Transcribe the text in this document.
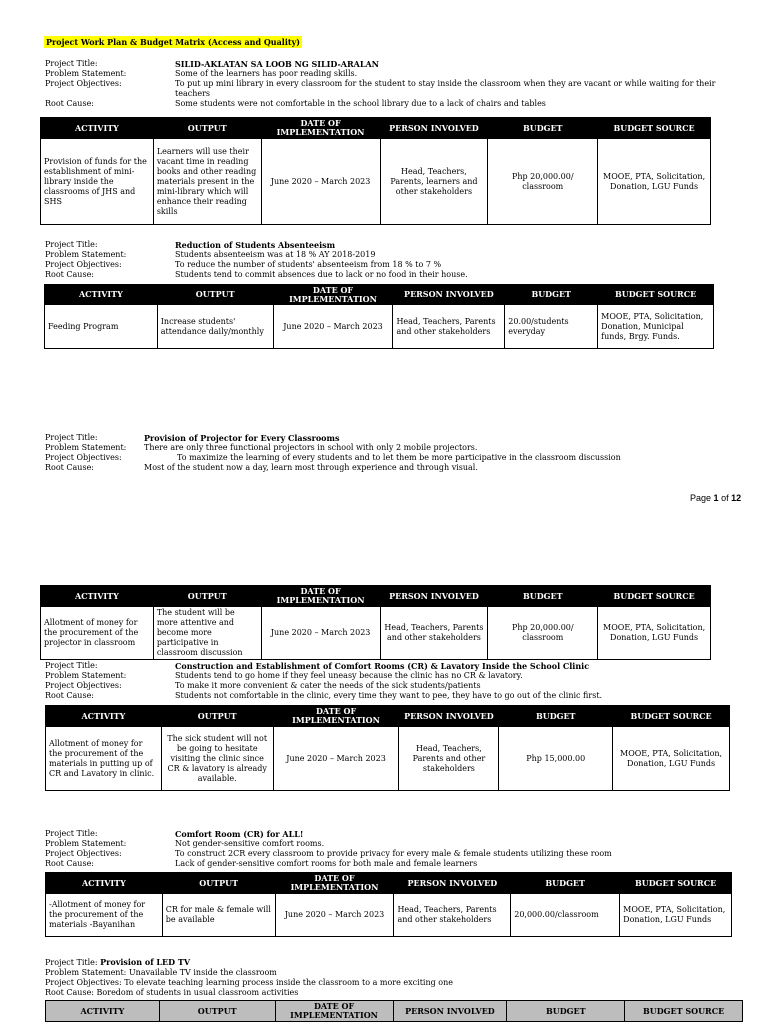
Project Work Plan & Budget Matrix (Access and Quality)
Project Title:	SILID-AKLATAN SA LOOB NG SILID-ARALAN
Problem Statement:	Some of the learners has poor reading skills.
Project Objectives:	To put up mini library in every classroom for the student to stay inside the classroom when they are vacant or while waiting for their teachers
Root Cause:	Some students were not comfortable in the school library due to a lack of chairs and tables
ACTIVITY	OUTPUT	DATE OF IMPLEMENTATION	PERSON INVOLVED	BUDGET	BUDGET SOURCE
Provision of funds for the establishment of mini-library inside the classrooms of JHS and SHS	Learners will use their vacant time in reading books and other reading materials present in the mini-library which will enhance their reading skills	June 2020 – March 2023	Head, Teachers, Parents, learners and other stakeholders	Php 20,000.00/ classroom	MOOE, PTA, Solicitation, Donation, LGU Funds
Project Title:	Reduction of Students Absenteeism
Problem Statement:	Students absenteeism was at 18 % AY 2018-2019
Project Objectives:	To reduce the number of students' absenteeism from 18 % to 7 %
Root Cause:	Students tend to commit absences due to lack or no food in their house.
ACTIVITY	OUTPUT	DATE OF IMPLEMENTATION	PERSON INVOLVED	BUDGET	BUDGET SOURCE
Feeding Program	Increase students' attendance daily/monthly	June 2020 – March 2023	Head, Teachers, Parents and other stakeholders	20.00/students everyday	MOOE, PTA, Solicitation, Donation, Municipal funds, Brgy. Funds.
Project Title:	Provision of Projector for Every Classrooms
Problem Statement:	There are only three functional projectors in school with only 2 mobile projectors.
Project Objectives:	To maximize the learning of every students and to let them be more participative in the classroom discussion
Root Cause:	Most of the student now a day, learn most through experience and through visual.
Page 1 of 12
ACTIVITY	OUTPUT	DATE OF IMPLEMENTATION	PERSON INVOLVED	BUDGET	BUDGET SOURCE
Allotment of money for the procurement of the projector in classroom	The student will be more attentive and become more participative in classroom discussion	June 2020 – March 2023	Head, Teachers, Parents and other stakeholders	Php 20,000.00/ classroom	MOOE, PTA, Solicitation, Donation, LGU Funds
Project Title:	Construction and Establishment of Comfort Rooms (CR) & Lavatory Inside the School Clinic
Problem Statement:	Students tend to go home if they feel uneasy because the clinic has no CR & lavatory.
Project Objectives:	To make it more convenient & cater the needs of the sick students/patients
Root Cause:	Students not comfortable in the clinic, every time they want to pee, they have to go out of the clinic first.
ACTIVITY	OUTPUT	DATE OF IMPLEMENTATION	PERSON INVOLVED	BUDGET	BUDGET SOURCE
Allotment of money for the procurement of the materials in putting up of CR and Lavatory in clinic.	The sick student will not be going to hesitate visiting the clinic since CR & lavatory is already available.	June 2020 – March 2023	Head, Teachers, Parents and other stakeholders	Php 15,000.00	MOOE, PTA, Solicitation, Donation, LGU Funds
Project Title:	Comfort Room (CR) for ALL!
Problem Statement:	Not gender-sensitive comfort rooms.
Project Objectives:	To construct 2CR every classroom to provide privacy for every male & female students utilizing these room
Root Cause:	Lack of gender-sensitive comfort rooms for both male and female learners
ACTIVITY	OUTPUT	DATE OF IMPLEMENTATION	PERSON INVOLVED	BUDGET	BUDGET SOURCE
-Allotment of money for the procurement of the materials -Bayanihan	CR for male & female will be available	June 2020 – March 2023	Head, Teachers, Parents and other stakeholders	20,000.00/classroom	MOOE, PTA, Solicitation, Donation, LGU Funds
Project Title: Provision of LED TV
Problem Statement: Unavailable TV inside the classroom
Project Objectives: To elevate teaching learning process inside the classroom to a more exciting one
Root Cause: Boredom of students in usual classroom activities
ACTIVITY	OUTPUT	DATE OF IMPLEMENTATION	PERSON INVOLVED	BUDGET	BUDGET SOURCE
